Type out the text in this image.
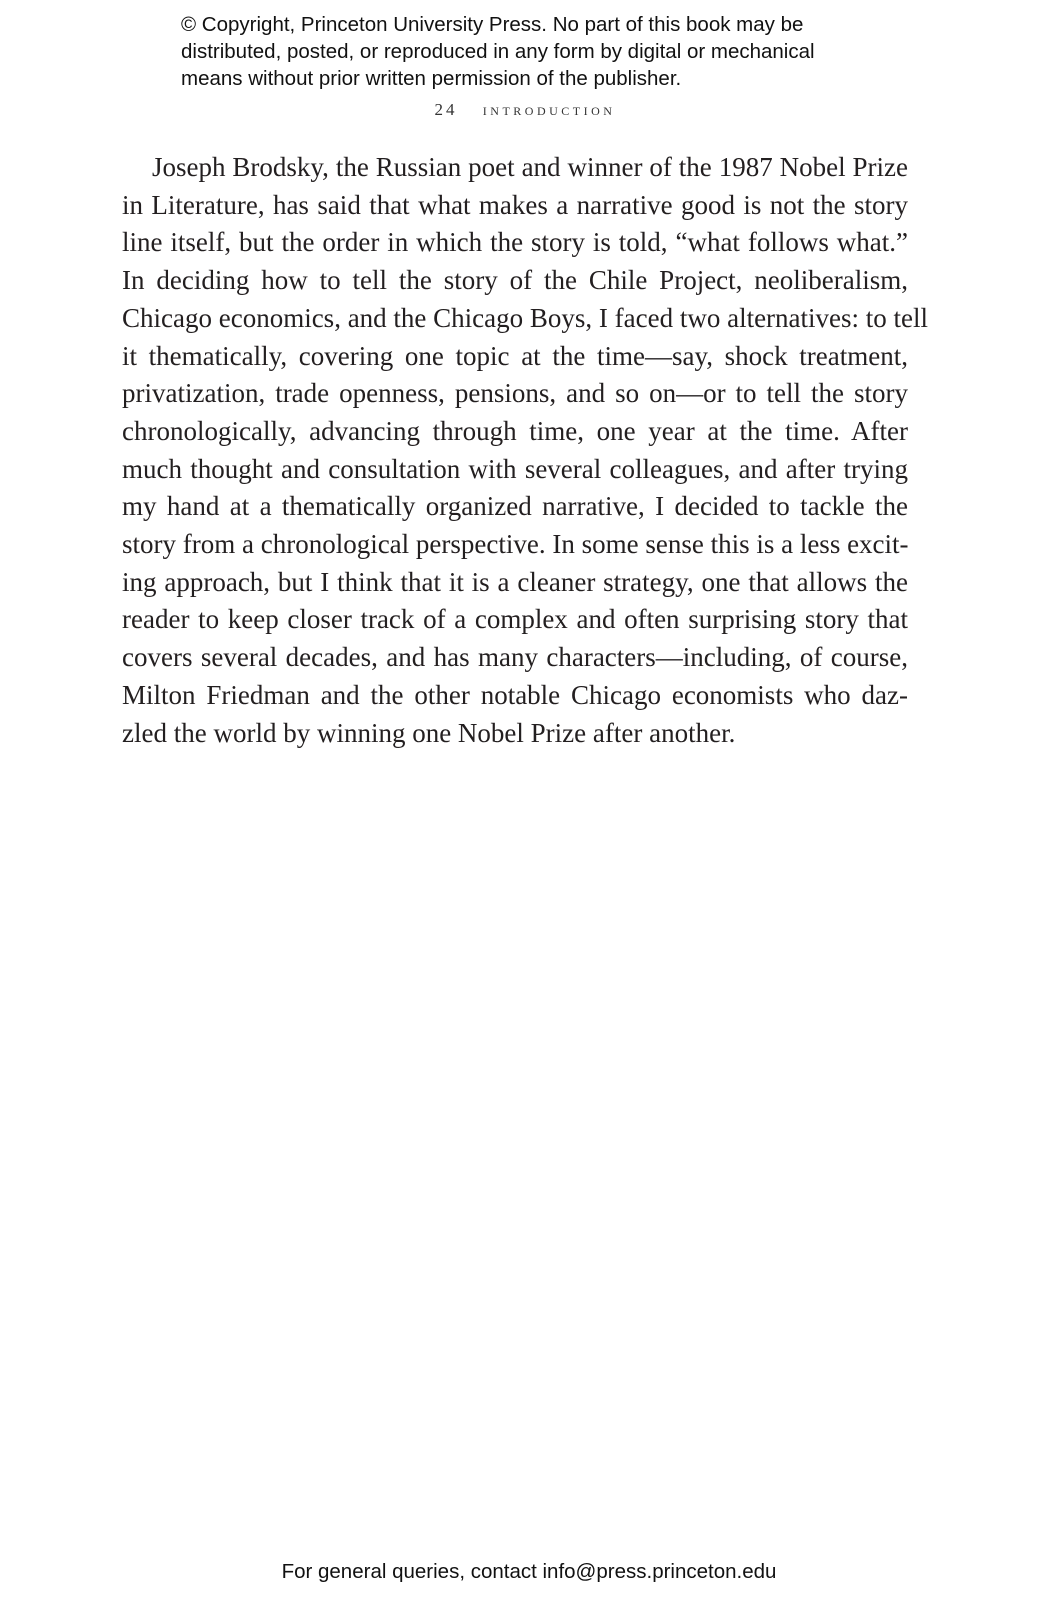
© Copyright, Princeton University Press. No part of this book may be
distributed, posted, or reproduced in any form by digital or mechanical
means without prior written permission of the publisher.
24 introduction
Joseph Brodsky, the Russian poet and winner of the 1987 Nobel Prize
in Literature, has said that what makes a narrative good is not the story
line itself, but the order in which the story is told, “what follows what.”
In deciding how to tell the story of the Chile Project, neoliberalism,
Chicago economics, and the Chicago Boys, I faced two alternatives: to tell
it thematically, covering one topic at the time—say, shock treatment,
privatization, trade openness, pensions, and so on—or to tell the story
chronologically, advancing through time, one year at the time. After
much thought and consultation with several colleagues, and after trying
my hand at a thematically organized narrative, I decided to tackle the
story from a chronological perspective. In some sense this is a less excit-
ing approach, but I think that it is a cleaner strategy, one that allows the
reader to keep closer track of a complex and often surprising story that
covers several decades, and has many characters—including, of course,
Milton Friedman and the other notable Chicago economists who daz-
zled the world by winning one Nobel Prize after another.
For general queries, contact info@press.princeton.edu
